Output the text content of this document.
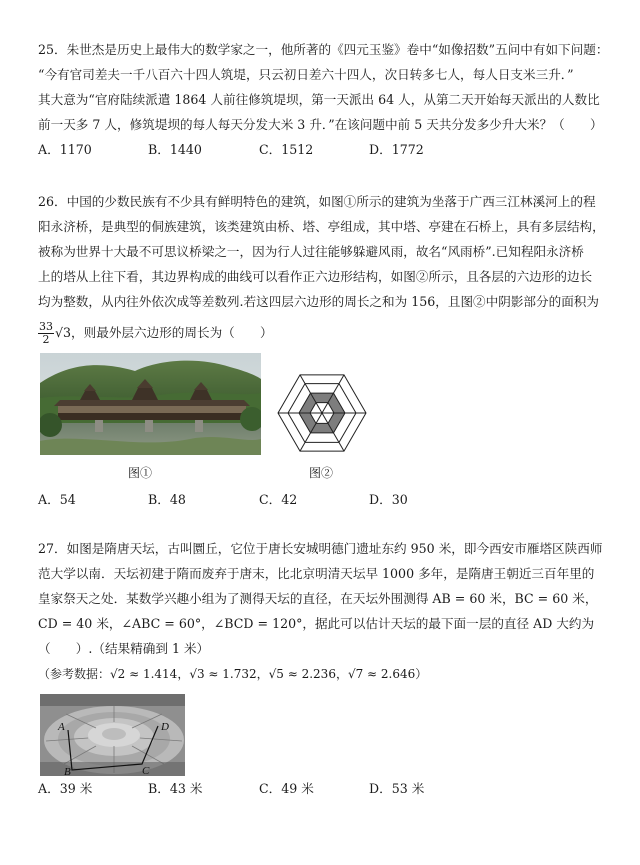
25．朱世杰是历史上最伟大的数学家之一，他所著的《四元玉鉴》卷中“如像招数”五问中有如下问题：
“今有官司差夫一千八百六十四人筑堤，只云初日差六十四人，次日转多七人，每人日支米三升．”
其大意为“官府陆续派遣 1864 人前往修筑堤坝，第一天派出 64 人，从第二天开始每天派出的人数比
前一天多 7 人，修筑堤坝的每人每天分发大米 3 升．”在该问题中前 5 天共分发多少升大米？（　　）
A．1170	B．1440	C．1512	D．1772
26．中国的少数民族有不少具有鲜明特色的建筑，如图①所示的建筑为坐落于广西三江林溪河上的程
阳永济桥，是典型的侗族建筑，该类建筑由桥、塔、亭组成，其中塔、亭建在石桥上，具有多层结构，
被称为世界十大最不可思议桥梁之一，因为行人过往能够躲避风雨，故名“风雨桥”.已知程阳永济桥
上的塔从上往下看，其边界构成的曲线可以看作正六边形结构，如图②所示，且各层的六边形的边长
均为整数，从内往外依次成等差数列.若这四层六边形的周长之和为 156，且图②中阴影部分的面积为
$\frac{33}{2} √3$，则最外层六边形的周长为（　　）
图①	图②
A．54	B．48	C．42	D．30
27．如图是隋唐天坛，古叫圜丘，它位于唐长安城明德门遗址东约 950 米，即今西安市雁塔区陕西师
范大学以南．天坛初建于隋而废弃于唐末，比北京明清天坛早 1000 多年，是隋唐王朝近三百年里的
皇家祭天之处．某数学兴趣小组为了测得天坛的直径，在天坛外围测得 AB = 60 米，BC = 60 米，
CD = 40 米，∠ABC = 60°，∠BCD = 120°，据此可以估计天坛的最下面一层的直径 AD 大约为
（　　）.（结果精确到 1 米）
（参考数据：√2 ≈ 1.414，√3 ≈ 1.732，√5 ≈ 2.236，√7 ≈ 2.646）
A	D
B	C
A．39 米	B．43 米	C．49 米	D．53 米
